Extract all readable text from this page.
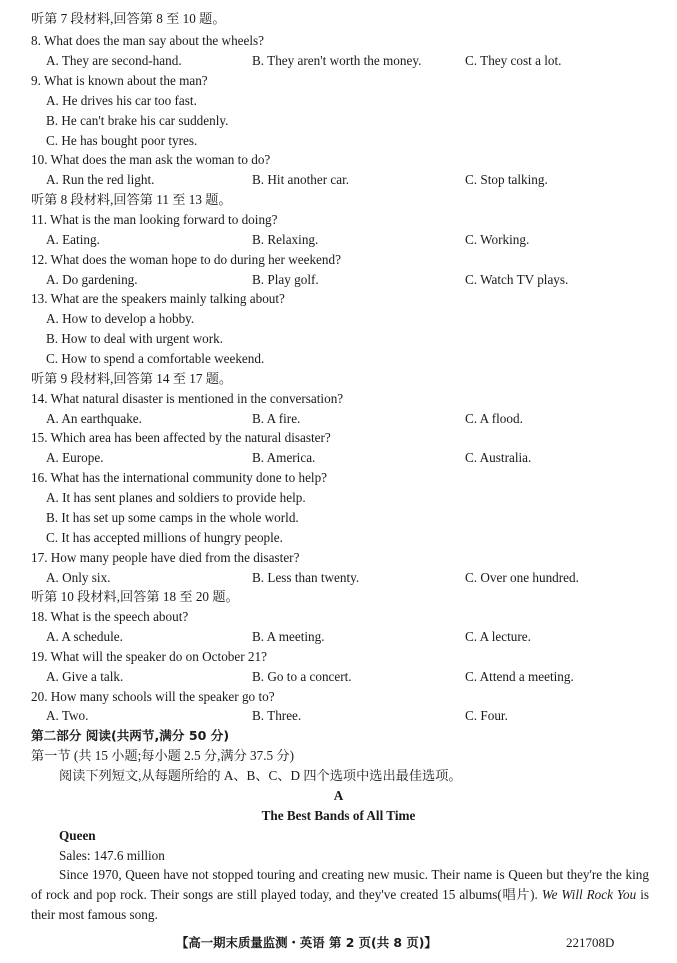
听第 7 段材料,回答第 8 至 10 题。
8. What does the man say about the wheels?
A. They are second-hand.	B. They aren't worth the money.	C. They cost a lot.
9. What is known about the man?
A. He drives his car too fast.
B. He can't brake his car suddenly.
C. He has bought poor tyres.
10. What does the man ask the woman to do?
A. Run the red light.	B. Hit another car.	C. Stop talking.
听第 8 段材料,回答第 11 至 13 题。
11. What is the man looking forward to doing?
A. Eating.	B. Relaxing.	C. Working.
12. What does the woman hope to do during her weekend?
A. Do gardening.	B. Play golf.	C. Watch TV plays.
13. What are the speakers mainly talking about?
A. How to develop a hobby.
B. How to deal with urgent work.
C. How to spend a comfortable weekend.
听第 9 段材料,回答第 14 至 17 题。
14. What natural disaster is mentioned in the conversation?
A. An earthquake.	B. A fire.	C. A flood.
15. Which area has been affected by the natural disaster?
A. Europe.	B. America.	C. Australia.
16. What has the international community done to help?
A. It has sent planes and soldiers to provide help.
B. It has set up some camps in the whole world.
C. It has accepted millions of hungry people.
17. How many people have died from the disaster?
A. Only six.	B. Less than twenty.	C. Over one hundred.
听第 10 段材料,回答第 18 至 20 题。
18. What is the speech about?
A. A schedule.	B. A meeting.	C. A lecture.
19. What will the speaker do on October 21?
A. Give a talk.	B. Go to a concert.	C. Attend a meeting.
20. How many schools will the speaker go to?
A. Two.	B. Three.	C. Four.
第二部分 阅读(共两节,满分 50 分)
第一节 (共 15 小题;每小题 2.5 分,满分 37.5 分)
阅读下列短文,从每题所给的 A、B、C、D 四个选项中选出最佳选项。
A
The Best Bands of All Time
Queen
Sales: 147.6 million
Since 1970, Queen have not stopped touring and creating new music. Their name is Queen but they're the king of rock and pop rock. Their songs are still played today, and they've created 15 albums(唱片). We Will Rock You is their most famous song.
【高一期末质量监测・英语 第 2 页(共 8 页)】	221708D
